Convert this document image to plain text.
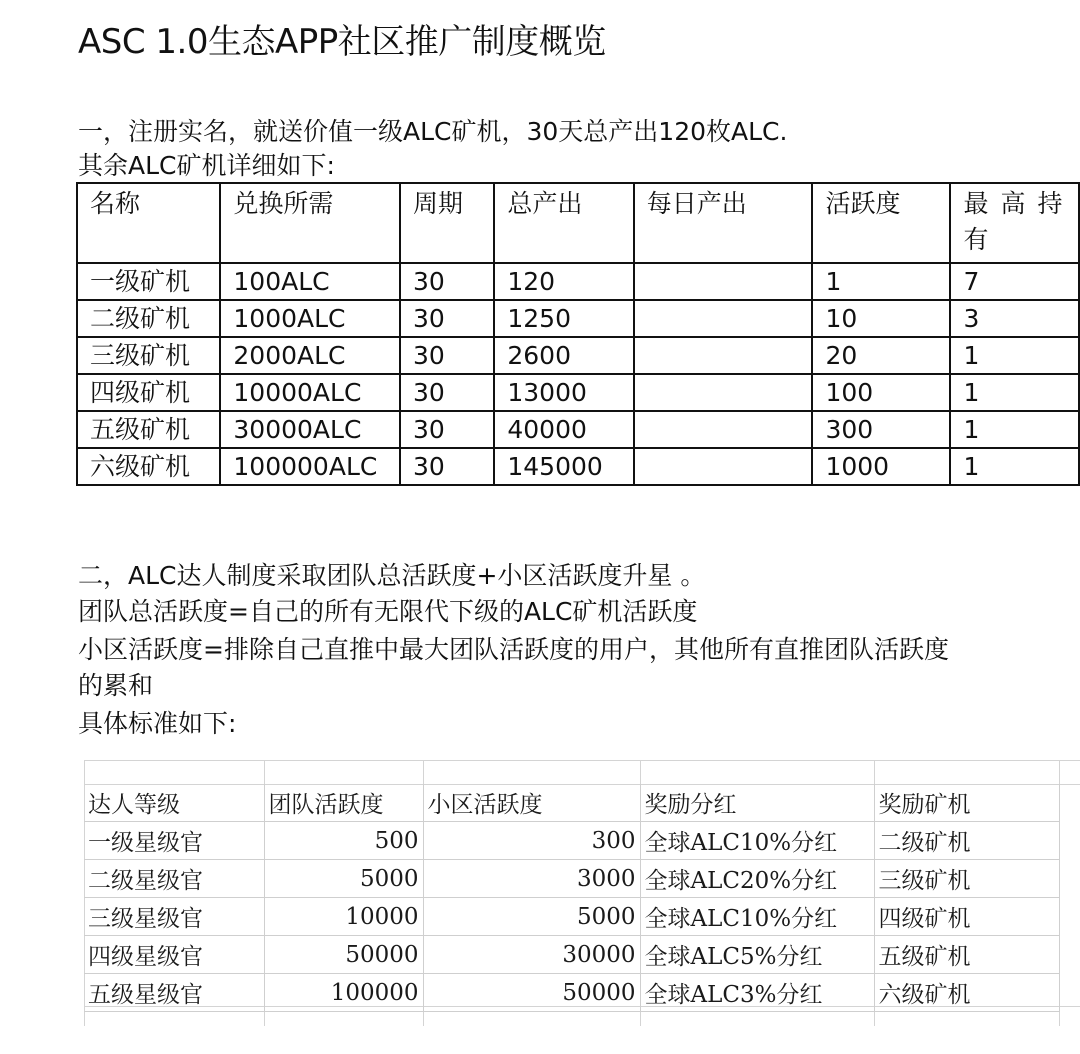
ASC 1.0生态APP社区推广制度概览
一，注册实名，就送价值一级ALC矿机，30天总产出120枚ALC.
其余ALC矿机详细如下:
名称	兑换所需	周期	总产出	每日产出	活跃度	最高持有
一级矿机	100ALC	30	120		1	7
二级矿机	1000ALC	30	1250		10	3
三级矿机	2000ALC	30	2600		20	1
四级矿机	10000ALC	30	13000		100	1
五级矿机	30000ALC	30	40000		300	1
六级矿机	100000ALC	30	145000		1000	1
二，ALC达人制度采取团队总活跃度+小区活跃度升星 。
团队总活跃度=自己的所有无限代下级的ALC矿机活跃度
小区活跃度=排除自己直推中最大团队活跃度的用户，其他所有直推团队活跃度
的累和
具体标准如下:
达人等级	团队活跃度	小区活跃度	奖励分红	奖励矿机
一级星级官	500	300	全球ALC10%分红	二级矿机
二级星级官	5000	3000	全球ALC20%分红	三级矿机
三级星级官	10000	5000	全球ALC10%分红	四级矿机
四级星级官	50000	30000	全球ALC5%分红	五级矿机
五级星级官	100000	50000	全球ALC3%分红	六级矿机
